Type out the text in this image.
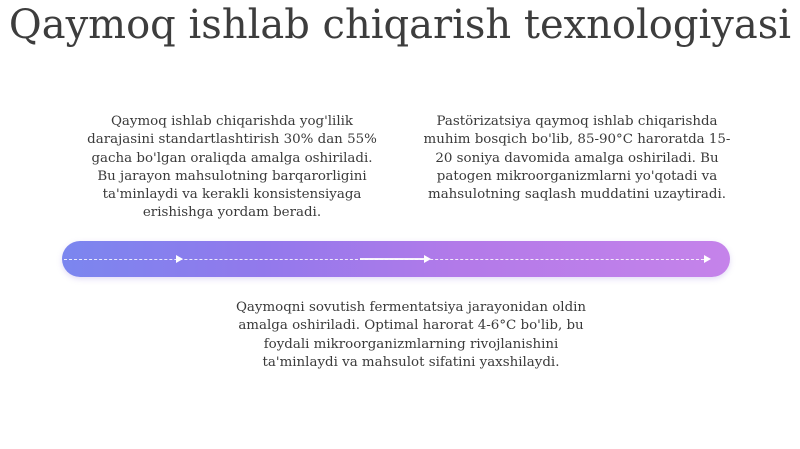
Qaymoq ishlab chiqarish texnologiyasi

Qaymoq ishlab chiqarishda yog'lilik darajasini standartlashtirish 30% dan 55% gacha bo'lgan oraliqda amalga oshiriladi. Bu jarayon mahsulotning barqarorligini ta'minlaydi va kerakli konsistensiyaga erishishga yordam beradi.

Pastörizatsiya qaymoq ishlab chiqarishda muhim bosqich bo'lib, 85-90°C haroratda 15-20 soniya davomida amalga oshiriladi. Bu patogen mikroorganizmlarni yo'qotadi va mahsulotning saqlash muddatini uzaytiradi.

Qaymoqni sovutish fermentatsiya jarayonidan oldin amalga oshiriladi. Optimal harorat 4-6°C bo'lib, bu foydali mikroorganizmlarning rivojlanishini ta'minlaydi va mahsulot sifatini yaxshilaydi.
